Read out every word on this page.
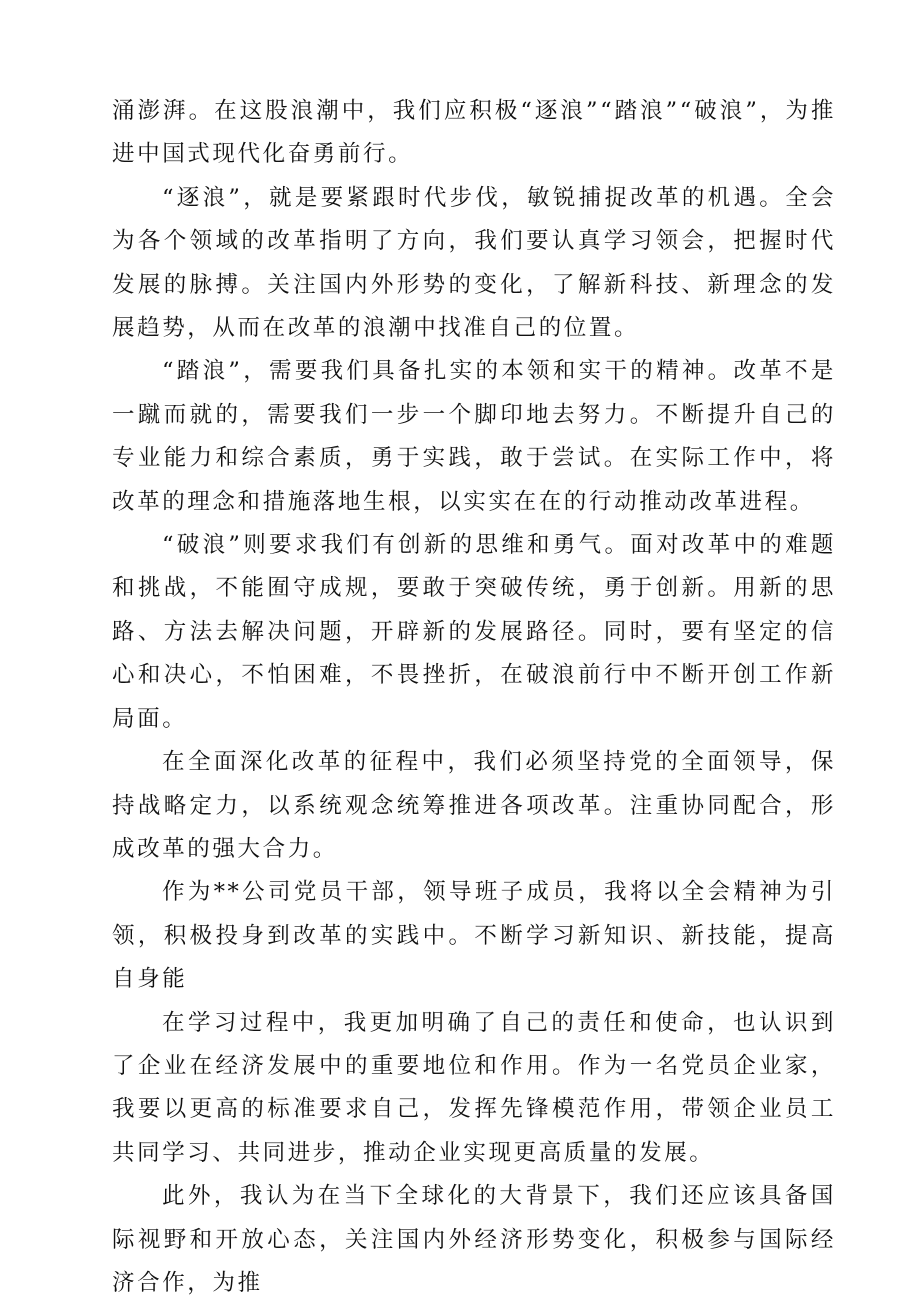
涌澎湃。在这股浪潮中，我们应积极“逐浪”“踏浪”“破浪”，为推进中国式现代化奋勇前行。

“逐浪”，就是要紧跟时代步伐，敏锐捕捉改革的机遇。全会为各个领域的改革指明了方向，我们要认真学习领会，把握时代发展的脉搏。关注国内外形势的变化，了解新科技、新理念的发展趋势，从而在改革的浪潮中找准自己的位置。

“踏浪”，需要我们具备扎实的本领和实干的精神。改革不是一蹴而就的，需要我们一步一个脚印地去努力。不断提升自己的专业能力和综合素质，勇于实践，敢于尝试。在实际工作中，将改革的理念和措施落地生根，以实实在在的行动推动改革进程。

“破浪”则要求我们有创新的思维和勇气。面对改革中的难题和挑战，不能囿守成规，要敢于突破传统，勇于创新。用新的思路、方法去解决问题，开辟新的发展路径。同时，要有坚定的信心和决心，不怕困难，不畏挫折，在破浪前行中不断开创工作新局面。

在全面深化改革的征程中，我们必须坚持党的全面领导，保持战略定力，以系统观念统筹推进各项改革。注重协同配合，形成改革的强大合力。

作为**公司党员干部，领导班子成员，我将以全会精神为引领，积极投身到改革的实践中。不断学习新知识、新技能，提高自身能

在学习过程中，我更加明确了自己的责任和使命，也认识到了企业在经济发展中的重要地位和作用。作为一名党员企业家，我要以更高的标准要求自己，发挥先锋模范作用，带领企业员工共同学习、共同进步，推动企业实现更高质量的发展。

此外，我认为在当下全球化的大背景下，我们还应该具备国际视野和开放心态，关注国内外经济形势变化，积极参与国际经济合作，为推
